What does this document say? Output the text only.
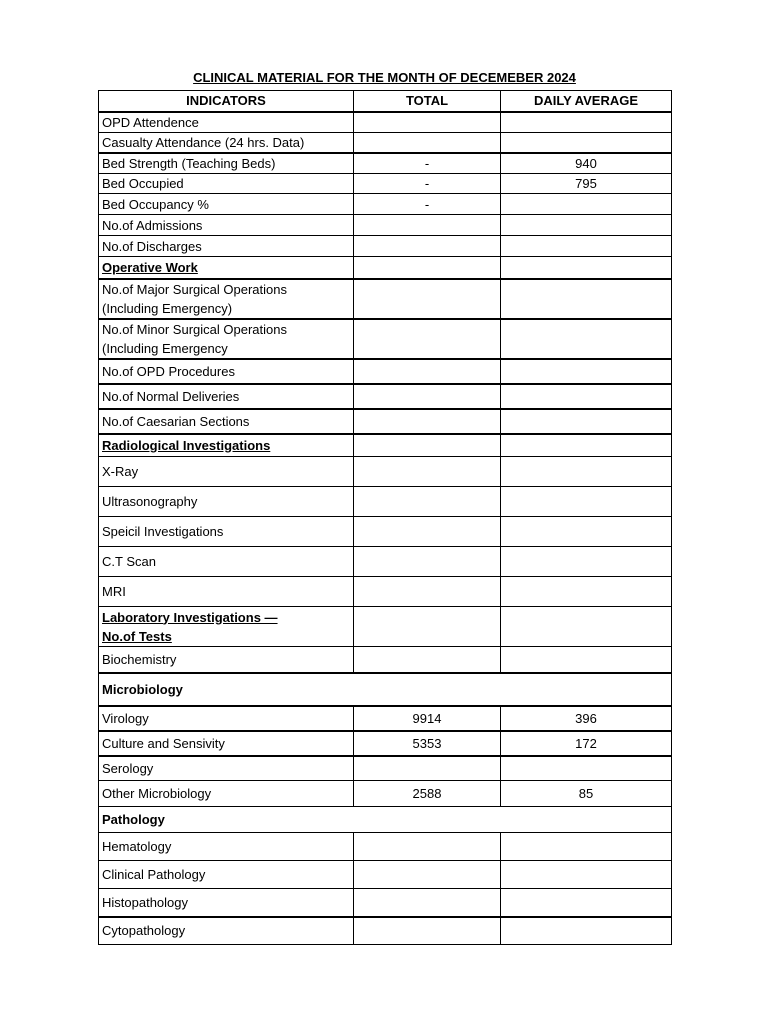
CLINICAL MATERIAL FOR THE MONTH OF DECEMEBER 2024
INDICATORS	TOTAL	DAILY AVERAGE
OPD Attendence		
Casualty Attendance (24 hrs. Data)		
Bed Strength (Teaching Beds)	-	940
Bed Occupied	-	795
Bed Occupancy %	-	
No.of Admissions		
No.of Discharges		
Operative Work		

No.of Major Surgical Operations
(Including Emergency)		

No.of Minor Surgical Operations
(Including Emergency		

No.of OPD Procedures		
No.of Normal Deliveries		
No.of Caesarian Sections		
Radiological Investigations		
X-Ray		
Ultrasonography		
Speicil Investigations		
C.T Scan		
MRI		

Laboratory Investigations —
No.of Tests		

Biochemistry		
Microbiology		
Virology	9914	396
Culture and Sensivity	5353	172
Serology		
Other Microbiology	2588	85
Pathology		
Hematology		
Clinical Pathology		
Histopathology		
Cytopathology		
